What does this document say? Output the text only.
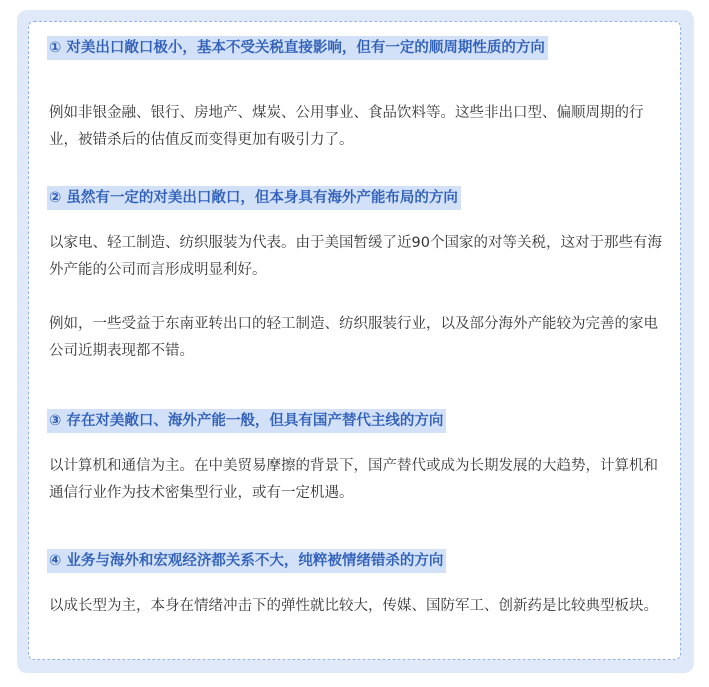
① 对美出口敞口极小，基本不受关税直接影响，但有一定的顺周期性质的方向
例如非银金融、银行、房地产、煤炭、公用事业、食品饮料等。这些非出口型、偏顺周期的行业，被错杀后的估值反而变得更加有吸引力了。
② 虽然有一定的对美出口敞口，但本身具有海外产能布局的方向
以家电、轻工制造、纺织服装为代表。由于美国暂缓了近90个国家的对等关税，这对于那些有海外产能的公司而言形成明显利好。
例如，一些受益于东南亚转出口的轻工制造、纺织服装行业，以及部分海外产能较为完善的家电公司近期表现都不错。
③ 存在对美敞口、海外产能一般，但具有国产替代主线的方向
以计算机和通信为主。在中美贸易摩擦的背景下，国产替代或成为长期发展的大趋势，计算机和通信行业作为技术密集型行业，或有一定机遇。
④ 业务与海外和宏观经济都关系不大，纯粹被情绪错杀的方向
以成长型为主，本身在情绪冲击下的弹性就比较大，传媒、国防军工、创新药是比较典型板块。
